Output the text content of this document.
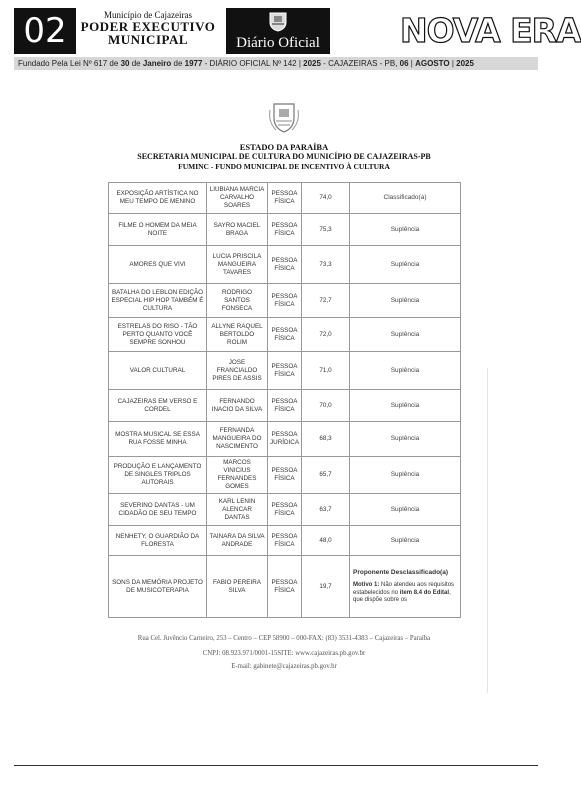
02	Município de Cajazeiras
PODER EXECUTIVO
MUNICIPAL	Diário Oficial	NOVA ERA
Fundado Pela Lei Nº 617 de 30 de Janeiro de 1977 - DIÁRIO OFICIAL Nº 142 | 2025 - CAJAZEIRAS - PB, 06 | AGOSTO | 2025
ESTADO DA PARAÍBA
SECRETARIA MUNICIPAL DE CULTURA DO MUNICÍPIO DE CAJAZEIRAS-PB
FUMINC - FUNDO MUNICIPAL DE INCENTIVO À CULTURA
EXPOSIÇÃO ARTÍSTICA NO MEU TEMPO DE MENINO	LIUBIANA MARCIA CARVALHO SOARES	PESSOA FÍSICA	74,0	Classificado(a)
FILME O HOMEM DA MEIA NOITE	SAYRO MACIEL BRAGA	PESSOA FÍSICA	75,3	Suplência
AMORES QUE VIVI	LUCIA PRISCILA MANGUEIRA TAVARES	PESSOA FÍSICA	73,3	Suplência
BATALHA DO LEBLON EDIÇÃO ESPECIAL HIP HOP TAMBÉM É CULTURA	RODRIGO SANTOS FONSECA	PESSOA FÍSICA	72,7	Suplência
ESTRELAS DO RISO - TÃO PERTO QUANTO VOCÊ SEMPRE SONHOU	ALLYNE RAQUEL BERTOLDO ROLIM	PESSOA FÍSICA	72,0	Suplência
VALOR CULTURAL	JOSE FRANCIALDO PIRES DE ASSIS	PESSOA FÍSICA	71,0	Suplência
CAJAZEIRAS EM VERSO E CORDEL	FERNANDO INACIO DA SILVA	PESSOA FÍSICA	70,0	Suplência
MOSTRA MUSICAL SE ESSA RUA FOSSE MINHA	FERNANDA MANGUEIRA DO NASCIMENTO	PESSOA JURÍDICA	68,3	Suplência
PRODUÇÃO E LANÇAMENTO DE SINGLES TRIPLOS AUTORAIS	MARCOS VINICIUS FERNANDES GOMES	PESSOA FÍSICA	65,7	Suplência
SEVERINO DANTAS - UM CIDADÃO DE SEU TEMPO	KARL LENIN ALENCAR DANTAS	PESSOA FÍSICA	63,7	Suplência
NENHETY, O GUARDIÃO DA FLORESTA	TAINARA DA SILVA ANDRADE	PESSOA FÍSICA	48,0	Suplência
SONS DA MEMÓRIA PROJETO DE MUSICOTERAPIA	FABIO PEREIRA SILVA	PESSOA FÍSICA	19,7	Proponente Desclassificado(a)
Motivo 1: Não atendeu aos requisitos estabelecidos no item 8.4 do Edital, que dispõe sobre os
Rua Cel. Juvêncio Carneiro, 253 – Centro – CEP 58900 – 000-FAX: (83) 3531-4383 – Cajazeiras – Paraíba
CNPJ: 08.923.971/0001-15SITE: www.cajazeiras.pb.gov.br
E-mail: gabinete@cajazeiras.pb.gov.br
